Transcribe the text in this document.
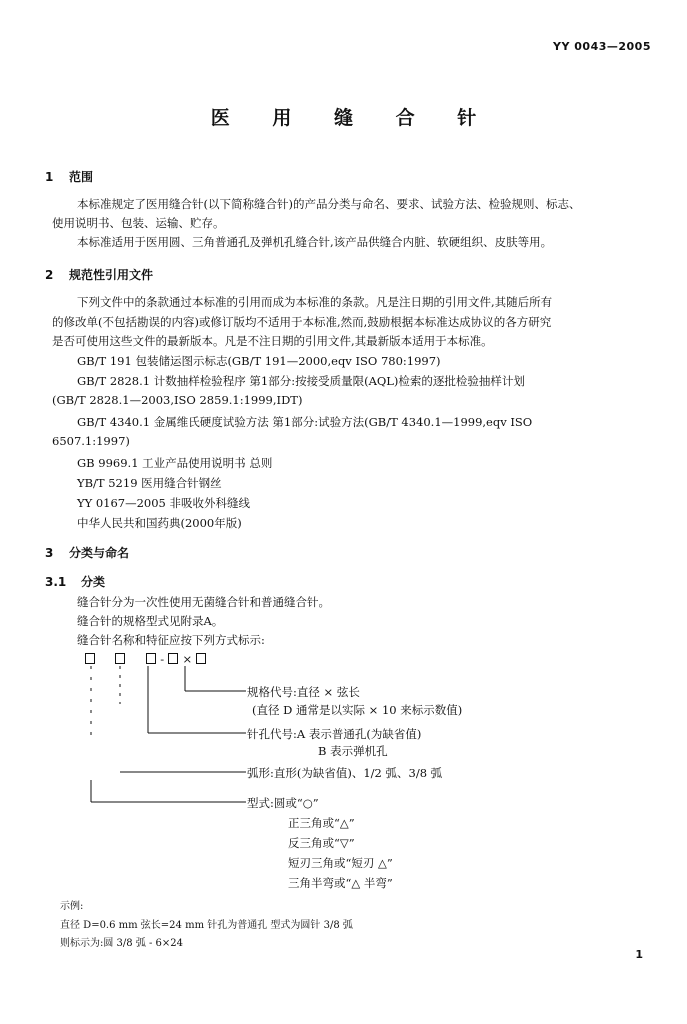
YY 0043—2005
医 用 缝 合 针
1 范围
本标准规定了医用缝合针(以下简称缝合针)的产品分类与命名、要求、试验方法、检验规则、标志、
使用说明书、包装、运输、贮存。
本标准适用于医用圆、三角普通孔及弹机孔缝合针,该产品供缝合内脏、软硬组织、皮肤等用。
2 规范性引用文件
下列文件中的条款通过本标准的引用而成为本标准的条款。凡是注日期的引用文件,其随后所有
的修改单(不包括勘误的内容)或修订版均不适用于本标准,然而,鼓励根据本标准达成协议的各方研究
是否可使用这些文件的最新版本。凡是不注日期的引用文件,其最新版本适用于本标准。
GB/T 191 包装储运图示标志(GB/T 191—2000,eqv ISO 780:1997)
GB/T 2828.1 计数抽样检验程序 第1部分:按接受质量限(AQL)检索的逐批检验抽样计划
(GB/T 2828.1—2003,ISO 2859.1:1999,IDT)
GB/T 4340.1 金属维氏硬度试验方法 第1部分:试验方法(GB/T 4340.1—1999,eqv ISO
6507.1:1997)
GB 9969.1 工业产品使用说明书 总则
YB/T 5219 医用缝合针钢丝
YY 0167—2005 非吸收外科缝线
中华人民共和国药典(2000年版)
3 分类与命名
3.1 分类
缝合针分为一次性使用无菌缝合针和普通缝合针。
缝合针的规格型式见附录A。
缝合针名称和特征应按下列方式标示:
- ×
规格代号:直径 × 弦长
(直径 D 通常是以实际 × 10 来标示数值)
针孔代号:A 表示普通孔(为缺省值)
B 表示弹机孔
弧形:直形(为缺省值)、1/2 弧、3/8 弧
型式:圆或“○”
正三角或“△”
反三角或“▽”
短刃三角或“短刃 △”
三角半弯或“△ 半弯”
示例:
直径 D=0.6 mm 弦长=24 mm 针孔为普通孔 型式为圆针 3/8 弧
则标示为:圆 3/8 弧 - 6×24
1
